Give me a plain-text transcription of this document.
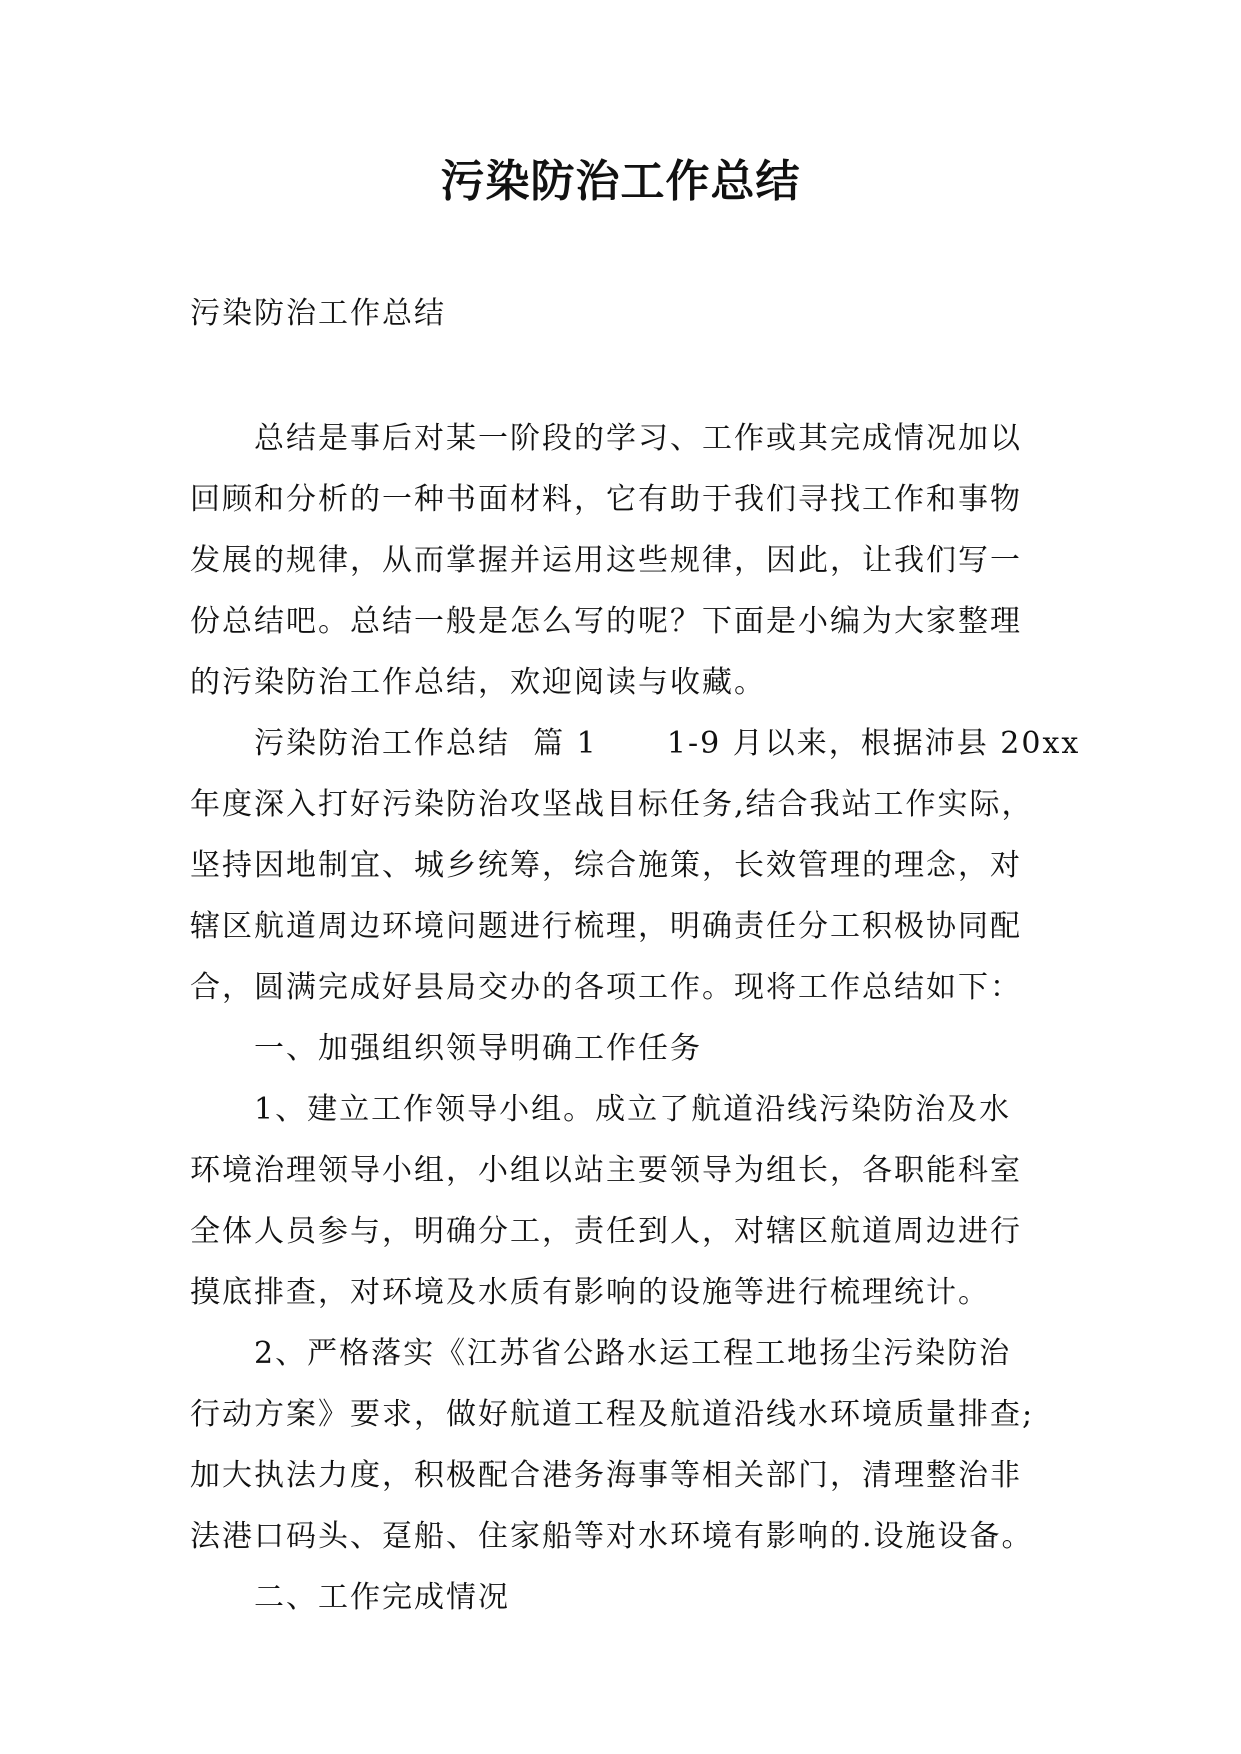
污染防治工作总结

污染防治工作总结

总结是事后对某一阶段的学习、工作或其完成情况加以
回顾和分析的一种书面材料，它有助于我们寻找工作和事物
发展的规律，从而掌握并运用这些规律，因此，让我们写一
份总结吧。总结一般是怎么写的呢？下面是小编为大家整理
的污染防治工作总结，欢迎阅读与收藏。

污染防治工作总结  篇 1      1-9 月以来，根据沛县 20xx
年度深入打好污染防治攻坚战目标任务,结合我站工作实际，
坚持因地制宜、城乡统筹，综合施策，长效管理的理念，对
辖区航道周边环境问题进行梳理，明确责任分工积极协同配
合，圆满完成好县局交办的各项工作。现将工作总结如下：

一、加强组织领导明确工作任务

1、建立工作领导小组。成立了航道沿线污染防治及水
环境治理领导小组，小组以站主要领导为组长，各职能科室
全体人员参与，明确分工，责任到人，对辖区航道周边进行
摸底排查，对环境及水质有影响的设施等进行梳理统计。

2、严格落实《江苏省公路水运工程工地扬尘污染防治
行动方案》要求，做好航道工程及航道沿线水环境质量排查;
加大执法力度，积极配合港务海事等相关部门，清理整治非
法港口码头、趸船、住家船等对水环境有影响的.设施设备。

二、工作完成情况
